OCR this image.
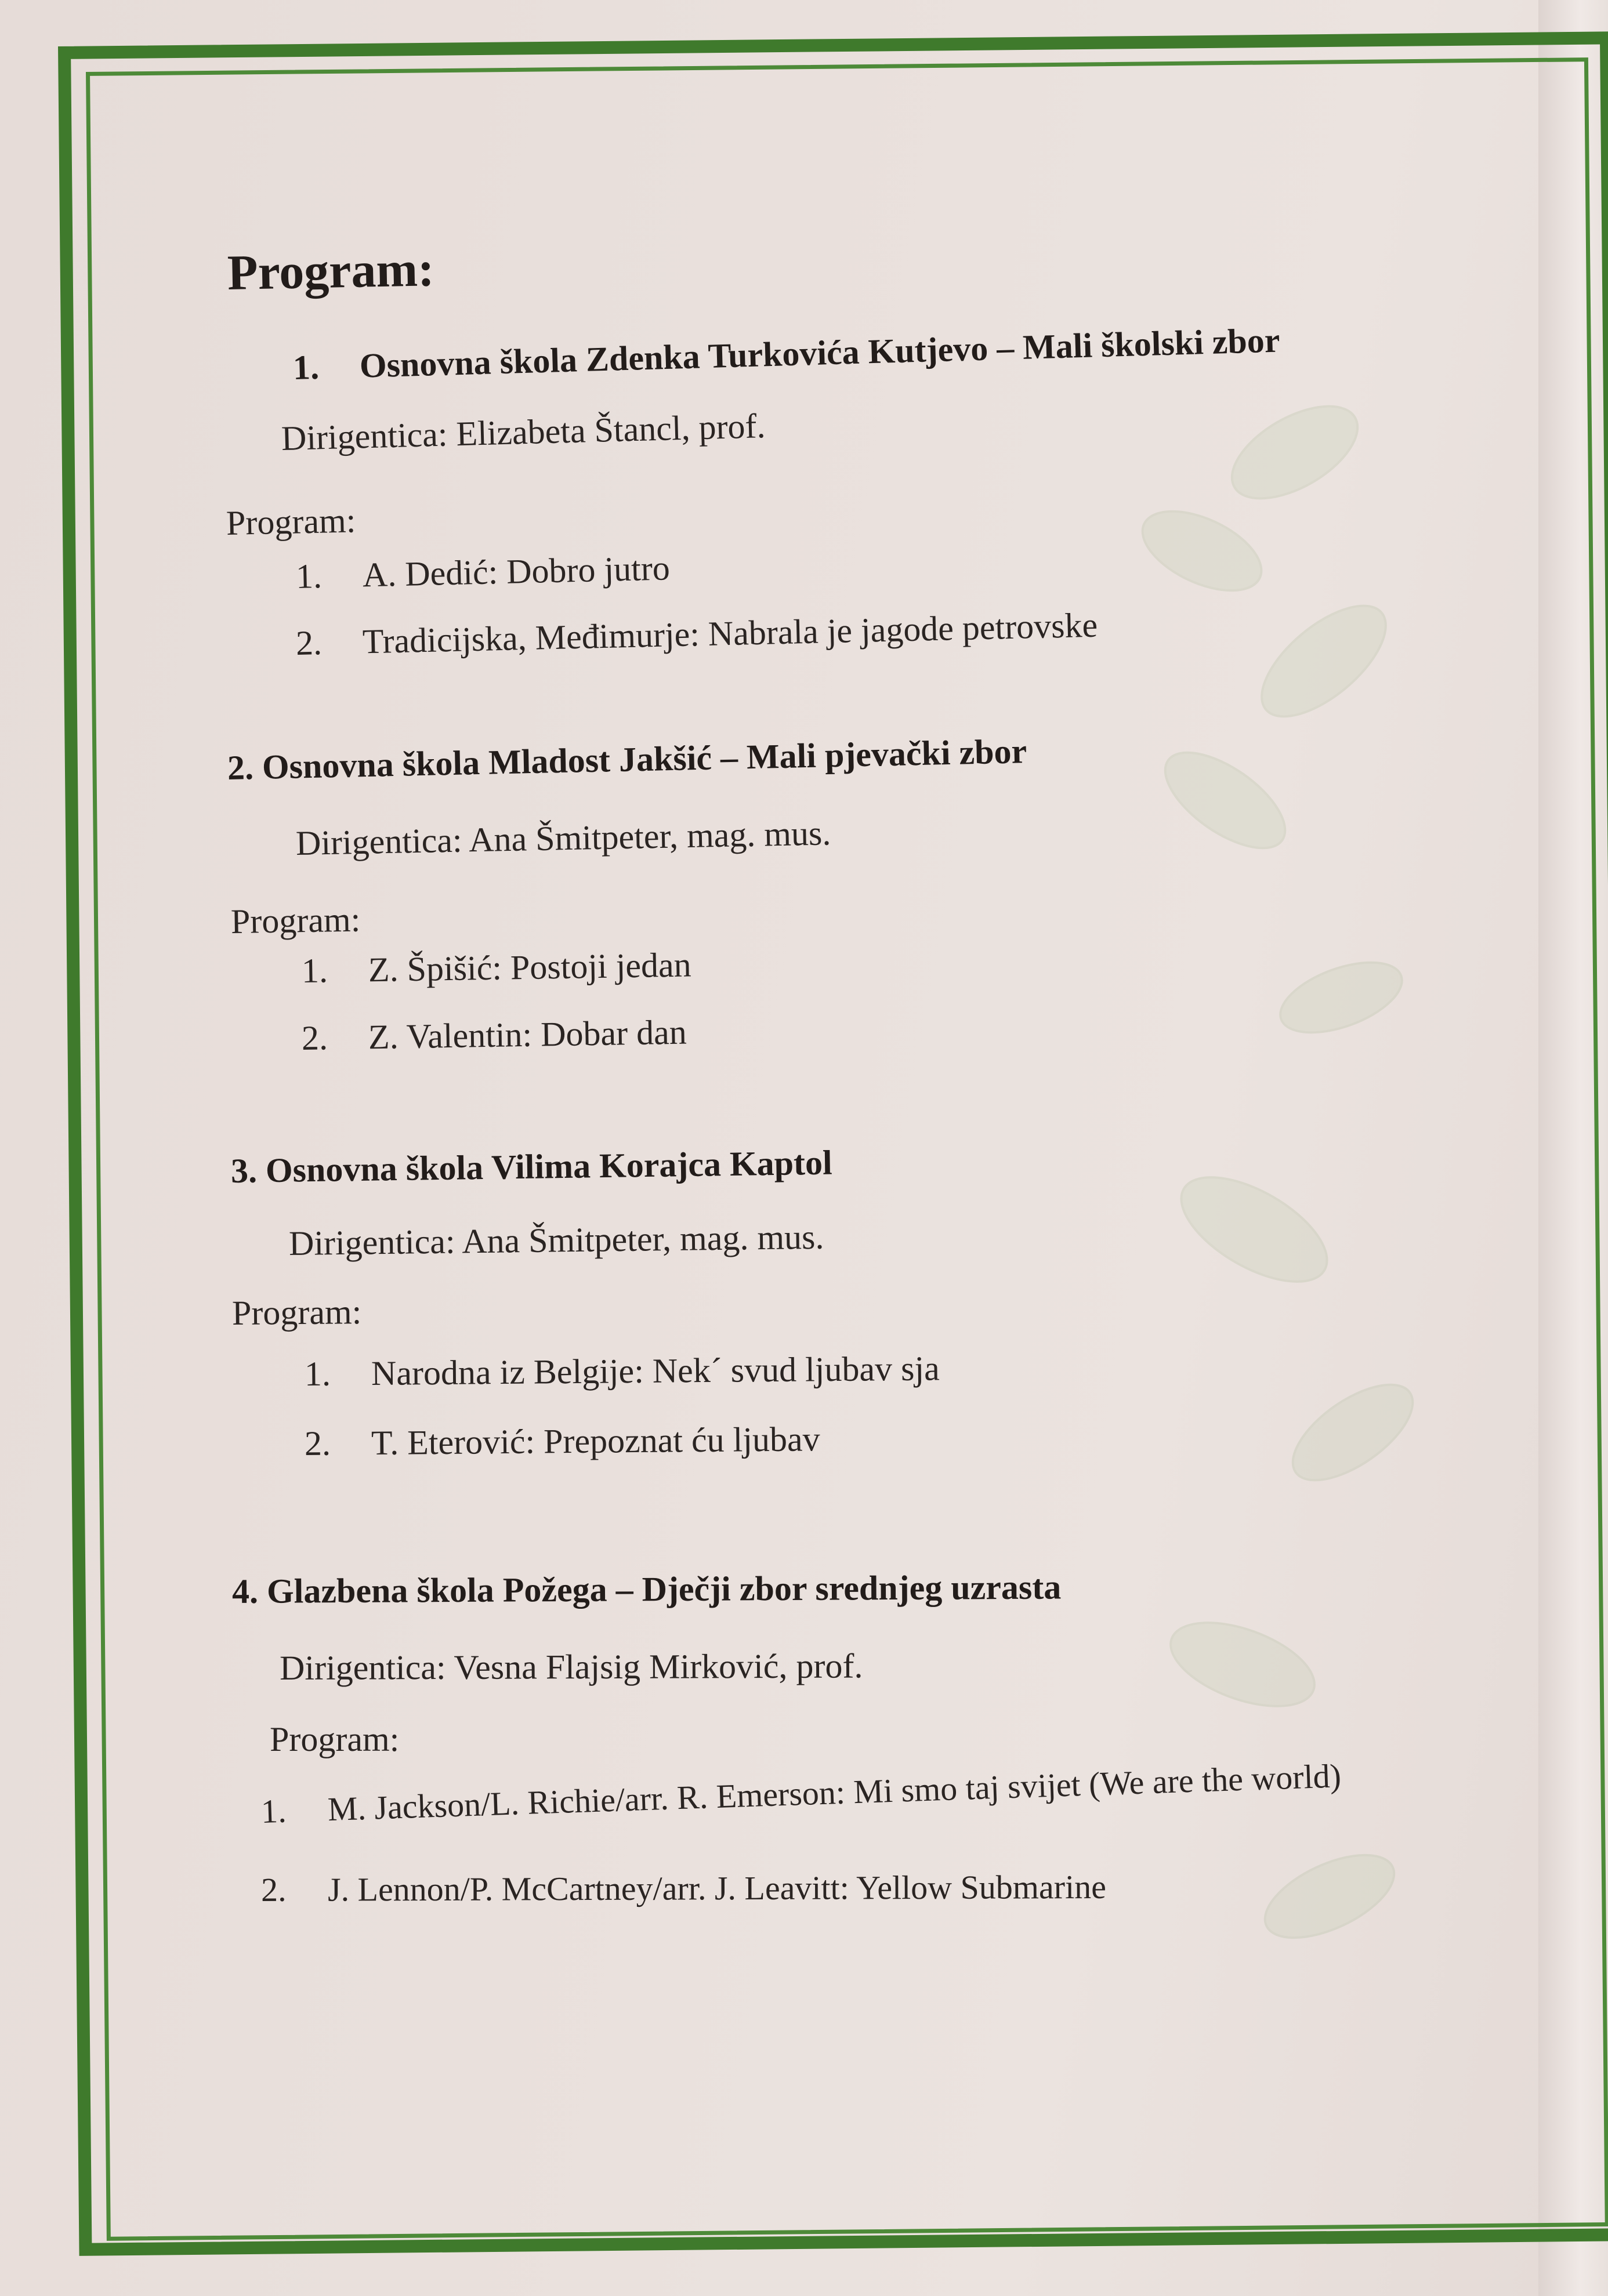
Program:
1. Osnovna škola Zdenka Turkovića Kutjevo – Mali školski zbor
Dirigentica: Elizabeta Štancl, prof.
Program:
1. A. Dedić: Dobro jutro
2. Tradicijska, Međimurje: Nabrala je jagode petrovske
2. Osnovna škola Mladost Jakšić – Mali pjevački zbor
Dirigentica: Ana Šmitpeter, mag. mus.
Program:
1. Z. Špišić: Postoji jedan
2. Z. Valentin: Dobar dan
3. Osnovna škola Vilima Korajca Kaptol
Dirigentica: Ana Šmitpeter, mag. mus.
Program:
1. Narodna iz Belgije: Nek´ svud ljubav sja
2. T. Eterović: Prepoznat ću ljubav
4. Glazbena škola Požega – Dječji zbor srednjeg uzrasta
Dirigentica: Vesna Flajsig Mirković, prof.
Program:
1. M. Jackson/L. Richie/arr. R. Emerson: Mi smo taj svijet (We are the world)
2. J. Lennon/P. McCartney/arr. J. Leavitt: Yellow Submarine
